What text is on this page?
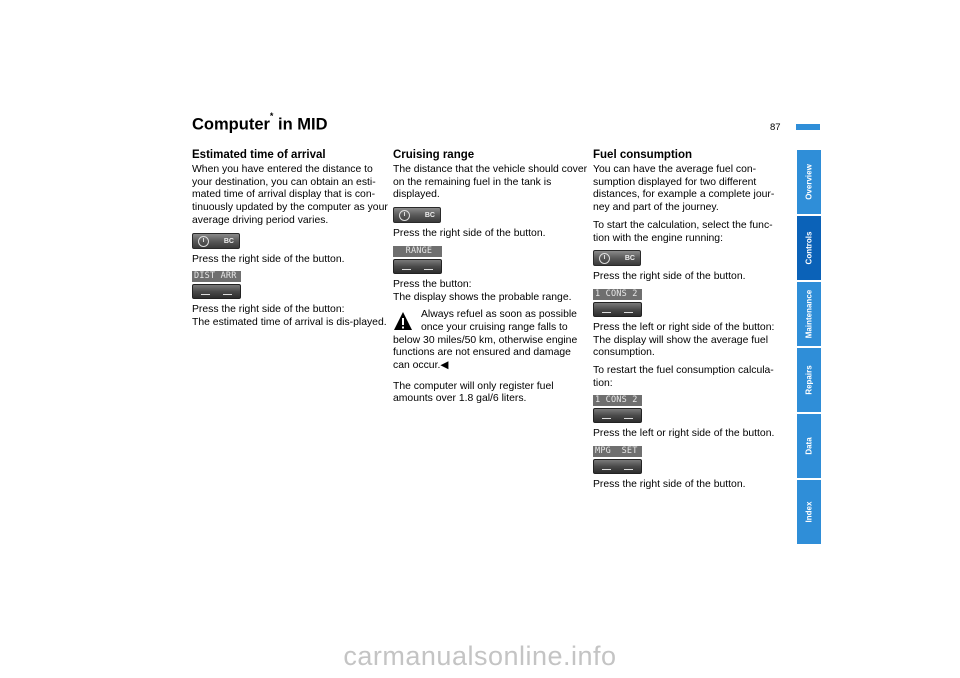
Computer* in MID	87
Estimated time of arrival

When you have entered the distance to your destination, you can obtain an esti-mated time of arrival display that is con-tinuously updated by the computer as your average driving period varies.

BC

Press the right side of the button.

DIST ARR

Press the right side of the button:

The estimated time of arrival is dis-played.

Cruising range

The distance that the vehicle should cover on the remaining fuel in the tank is displayed.

BC

Press the right side of the button.

RANGE

Press the button:

The display shows the probable range.

Always refuel as soon as possible once your cruising range falls to

below 30 miles/50 km, otherwise engine functions are not ensured and damage can occur.◀

The computer will only register fuel amounts over 1.8 gal/6 liters.

Fuel consumption

You can have the average fuel con-sumption displayed for two different distances, for example a complete jour-ney and part of the journey.

To start the calculation, select the func-tion with the engine running:

BC

Press the right side of the button.

1 CONS 2

Press the left or right side of the button:

The display will show the average fuel consumption.

To restart the fuel consumption calcula-tion:

1 CONS 2

Press the left or right side of the button.

MPG  SET

Press the right side of the button.

Overview
Controls
Maintenance
Repairs
Data
Index
carmanualsonline.info
